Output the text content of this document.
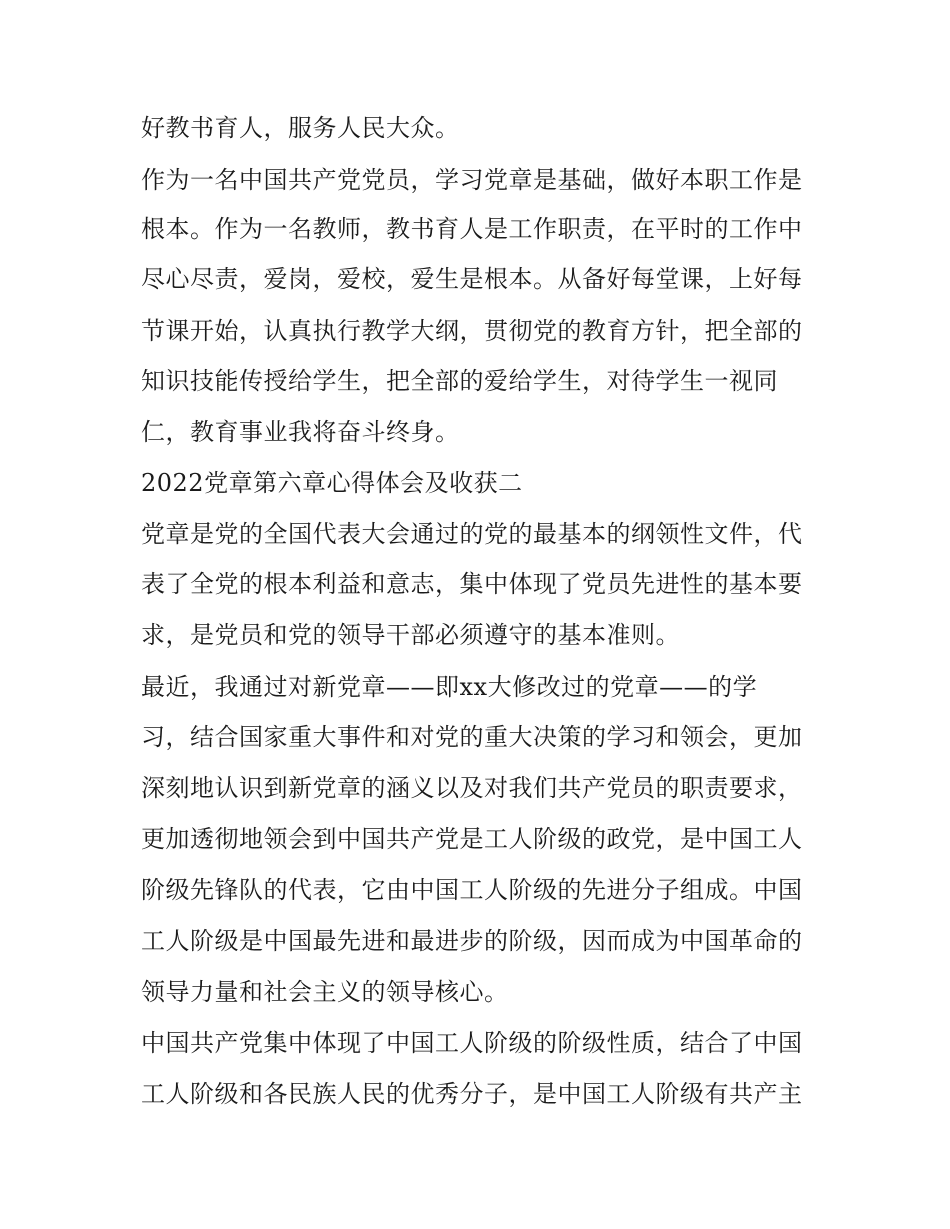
好教书育人，服务人民大众。
作为一名中国共产党党员，学习党章是基础，做好本职工作是
根本。作为一名教师，教书育人是工作职责，在平时的工作中
尽心尽责，爱岗，爱校，爱生是根本。从备好每堂课，上好每
节课开始，认真执行教学大纲，贯彻党的教育方针，把全部的
知识技能传授给学生，把全部的爱给学生，对待学生一视同
仁，教育事业我将奋斗终身。
2022党章第六章心得体会及收获二
党章是党的全国代表大会通过的党的最基本的纲领性文件，代
表了全党的根本利益和意志，集中体现了党员先进性的基本要
求，是党员和党的领导干部必须遵守的基本准则。
最近，我通过对新党章——即xx大修改过的党章——的学
习，结合国家重大事件和对党的重大决策的学习和领会，更加
深刻地认识到新党章的涵义以及对我们共产党员的职责要求，
更加透彻地领会到中国共产党是工人阶级的政党，是中国工人
阶级先锋队的代表，它由中国工人阶级的先进分子组成。中国
工人阶级是中国最先进和最进步的阶级，因而成为中国革命的
领导力量和社会主义的领导核心。
中国共产党集中体现了中国工人阶级的阶级性质，结合了中国
工人阶级和各民族人民的优秀分子，是中国工人阶级有共产主
